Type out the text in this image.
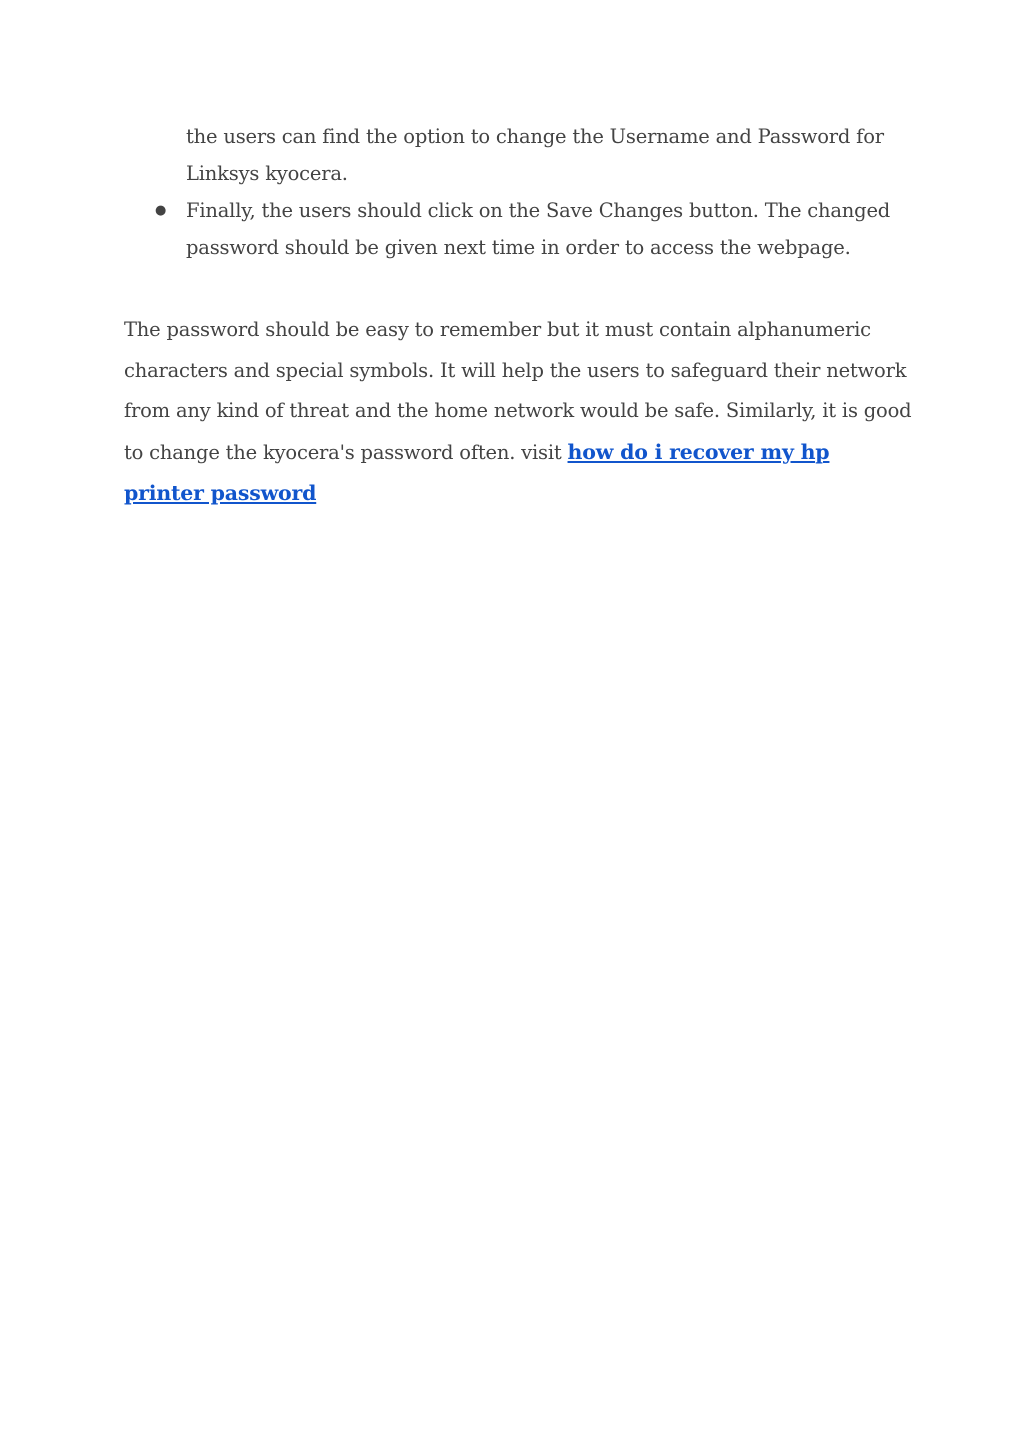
the users can find the option to change the Username and Password for

Linksys kyocera.

● Finally, the users should click on the Save Changes button. The changed

password should be given next time in order to access the webpage.

The password should be easy to remember but it must contain alphanumeric
characters and special symbols. It will help the users to safeguard their network
from any kind of threat and the home network would be safe. Similarly, it is good
to change the kyocera's password often. visit how do i recover my hp
printer password
